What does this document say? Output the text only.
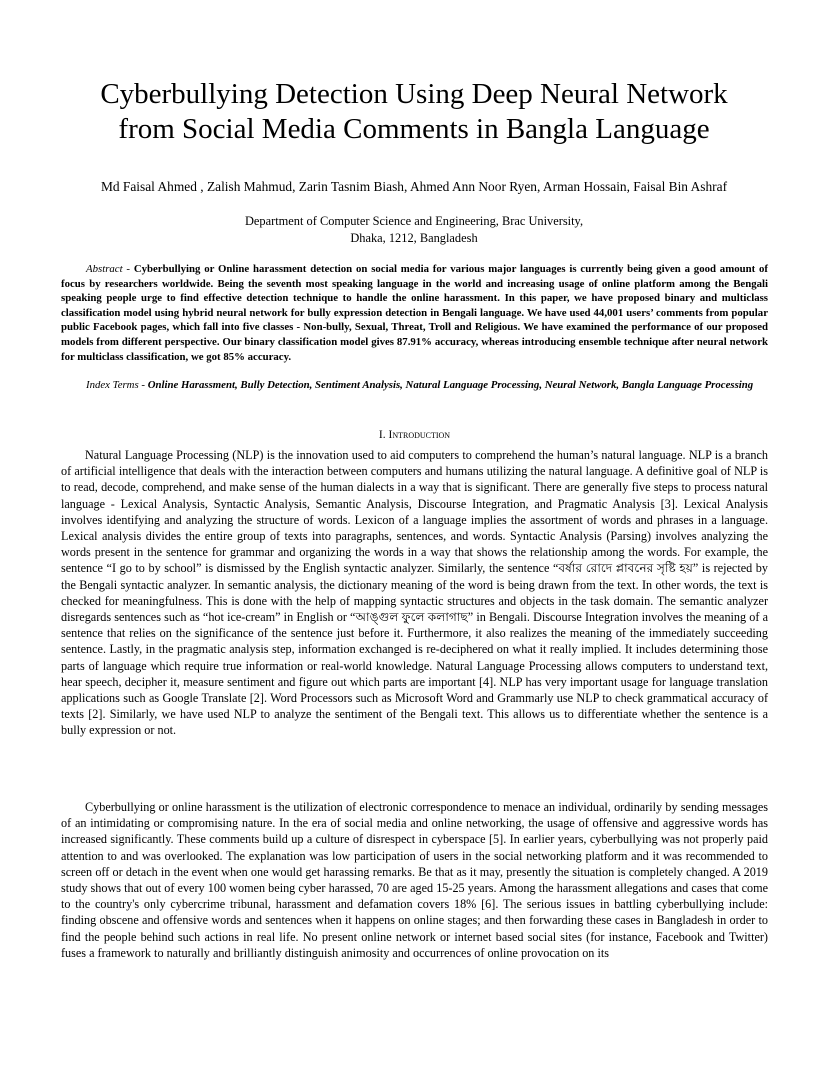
Cyberbullying Detection Using Deep Neural Network
from Social Media Comments in Bangla Language
Md Faisal Ahmed , Zalish Mahmud, Zarin Tasnim Biash, Ahmed Ann Noor Ryen, Arman Hossain, Faisal Bin Ashraf
Department of Computer Science and Engineering, Brac University,
Dhaka, 1212, Bangladesh
Abstract - Cyberbullying or Online harassment detection on social media for various major languages is currently being given a good amount of focus by researchers worldwide. Being the seventh most speaking language in the world and increasing usage of online platform among the Bengali speaking people urge to find effective detection technique to handle the online harassment. In this paper, we have proposed binary and multiclass classification model using hybrid neural network for bully expression detection in Bengali language. We have used 44,001 users’ comments from popular public Facebook pages, which fall into five classes - Non-bully, Sexual, Threat, Troll and Religious. We have examined the performance of our proposed models from different perspective. Our binary classification model gives 87.91% accuracy, whereas introducing ensemble technique after neural network for multiclass classification, we got 85% accuracy.
Index Terms - Online Harassment, Bully Detection, Sentiment Analysis, Natural Language Processing, Neural Network, Bangla Language Processing
I. Introduction
Natural Language Processing (NLP) is the innovation used to aid computers to comprehend the human’s natural language. NLP is a branch of artificial intelligence that deals with the interaction between computers and humans utilizing the natural language. A definitive goal of NLP is to read, decode, comprehend, and make sense of the human dialects in a way that is significant. There are generally five steps to process natural language - Lexical Analysis, Syntactic Analysis, Semantic Analysis, Discourse Integration, and Pragmatic Analysis [3]. Lexical Analysis involves identifying and analyzing the structure of words. Lexicon of a language implies the assortment of words and phrases in a language. Lexical analysis divides the entire group of texts into paragraphs, sentences, and words. Syntactic Analysis (Parsing) involves analyzing the words present in the sentence for grammar and organizing the words in a way that shows the relationship among the words. For example, the sentence “I go to by school” is dismissed by the English syntactic analyzer. Similarly, the sentence “বর্ষার রোদে প্লাবনের সৃষ্টি হয়” is rejected by the Bengali syntactic analyzer. In semantic analysis, the dictionary meaning of the word is being drawn from the text. In other words, the text is checked for meaningfulness. This is done with the help of mapping syntactic structures and objects in the task domain. The semantic analyzer disregards sentences such as “hot ice-cream” in English or “আঙ্গুল ফুলে কলাগাছ” in Bengali. Discourse Integration involves the meaning of a sentence that relies on the significance of the sentence just before it. Furthermore, it also realizes the meaning of the immediately succeeding sentence. Lastly, in the pragmatic analysis step, information exchanged is re-deciphered on what it really implied. It includes determining those parts of language which require true information or real-world knowledge. Natural Language Processing allows computers to understand text, hear speech, decipher it, measure sentiment and figure out which parts are important [4]. NLP has very important usage for language translation applications such as Google Translate [2]. Word Processors such as Microsoft Word and Grammarly use NLP to check grammatical accuracy of texts [2]. Similarly, we have used NLP to analyze the sentiment of the Bengali text. This allows us to differentiate whether the sentence is a bully expression or not.
Cyberbullying or online harassment is the utilization of electronic correspondence to menace an individual, ordinarily by sending messages of an intimidating or compromising nature. In the era of social media and online networking, the usage of offensive and aggressive words has increased significantly. These comments build up a culture of disrespect in cyberspace [5]. In earlier years, cyberbullying was not properly paid attention to and was overlooked. The explanation was low participation of users in the social networking platform and it was recommended to screen off or detach in the event when one would get harassing remarks. Be that as it may, presently the situation is completely changed. A 2019 study shows that out of every 100 women being cyber harassed, 70 are aged 15-25 years. Among the harassment allegations and cases that come to the country's only cybercrime tribunal, harassment and defamation covers 18% [6]. The serious issues in battling cyberbullying include: finding obscene and offensive words and sentences when it happens on online stages; and then forwarding these cases in Bangladesh in order to find the people behind such actions in real life. No present online network or internet based social sites (for instance, Facebook and Twitter) fuses a framework to naturally and brilliantly distinguish animosity and occurrences of online provocation on its
